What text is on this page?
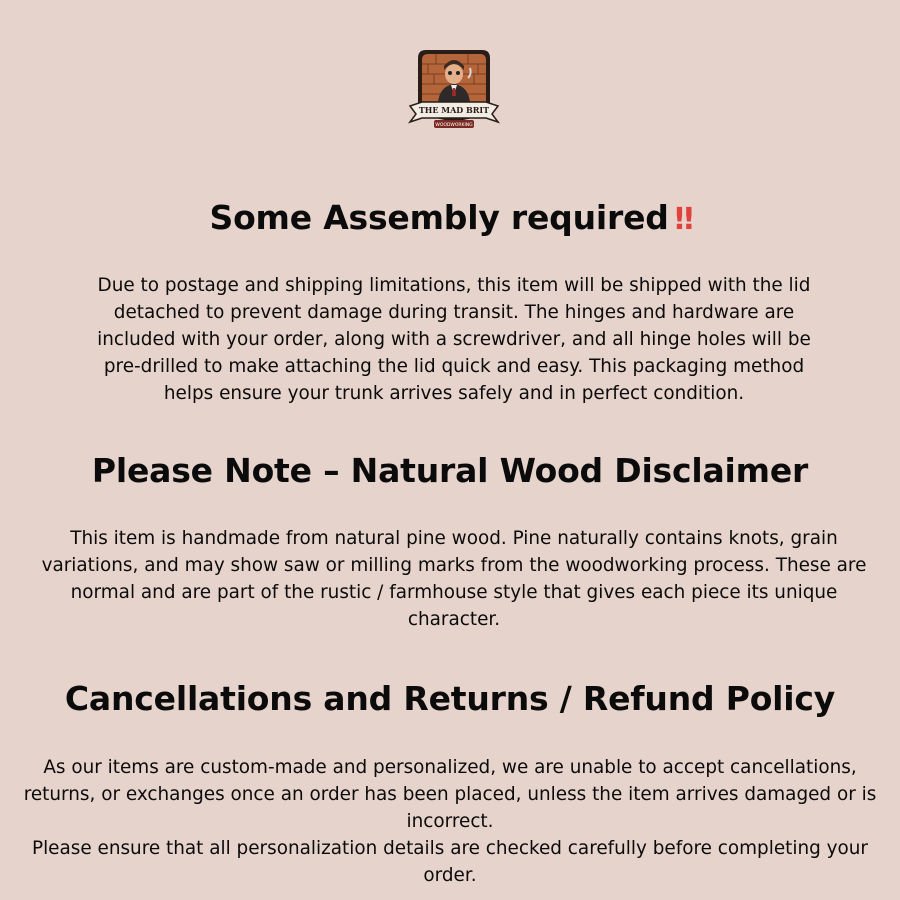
THE MAD BRIT
WOODWORKING
Some Assembly required ‼

Due to postage and shipping limitations, this item will be shipped with the lid detached to prevent damage during transit. The hinges and hardware are included with your order, along with a screwdriver, and all hinge holes will be pre-drilled to make attaching the lid quick and easy. This packaging method helps ensure your trunk arrives safely and in perfect condition.

Please Note – Natural Wood Disclaimer

This item is handmade from natural pine wood. Pine naturally contains knots, grain variations, and may show saw or milling marks from the woodworking process. These are normal and are part of the rustic / farmhouse style that gives each piece its unique character.

Cancellations and Returns / Refund Policy

As our items are custom-made and personalized, we are unable to accept cancellations, returns, or exchanges once an order has been placed, unless the item arrives damaged or is incorrect.
Please ensure that all personalization details are checked carefully before completing your order.
